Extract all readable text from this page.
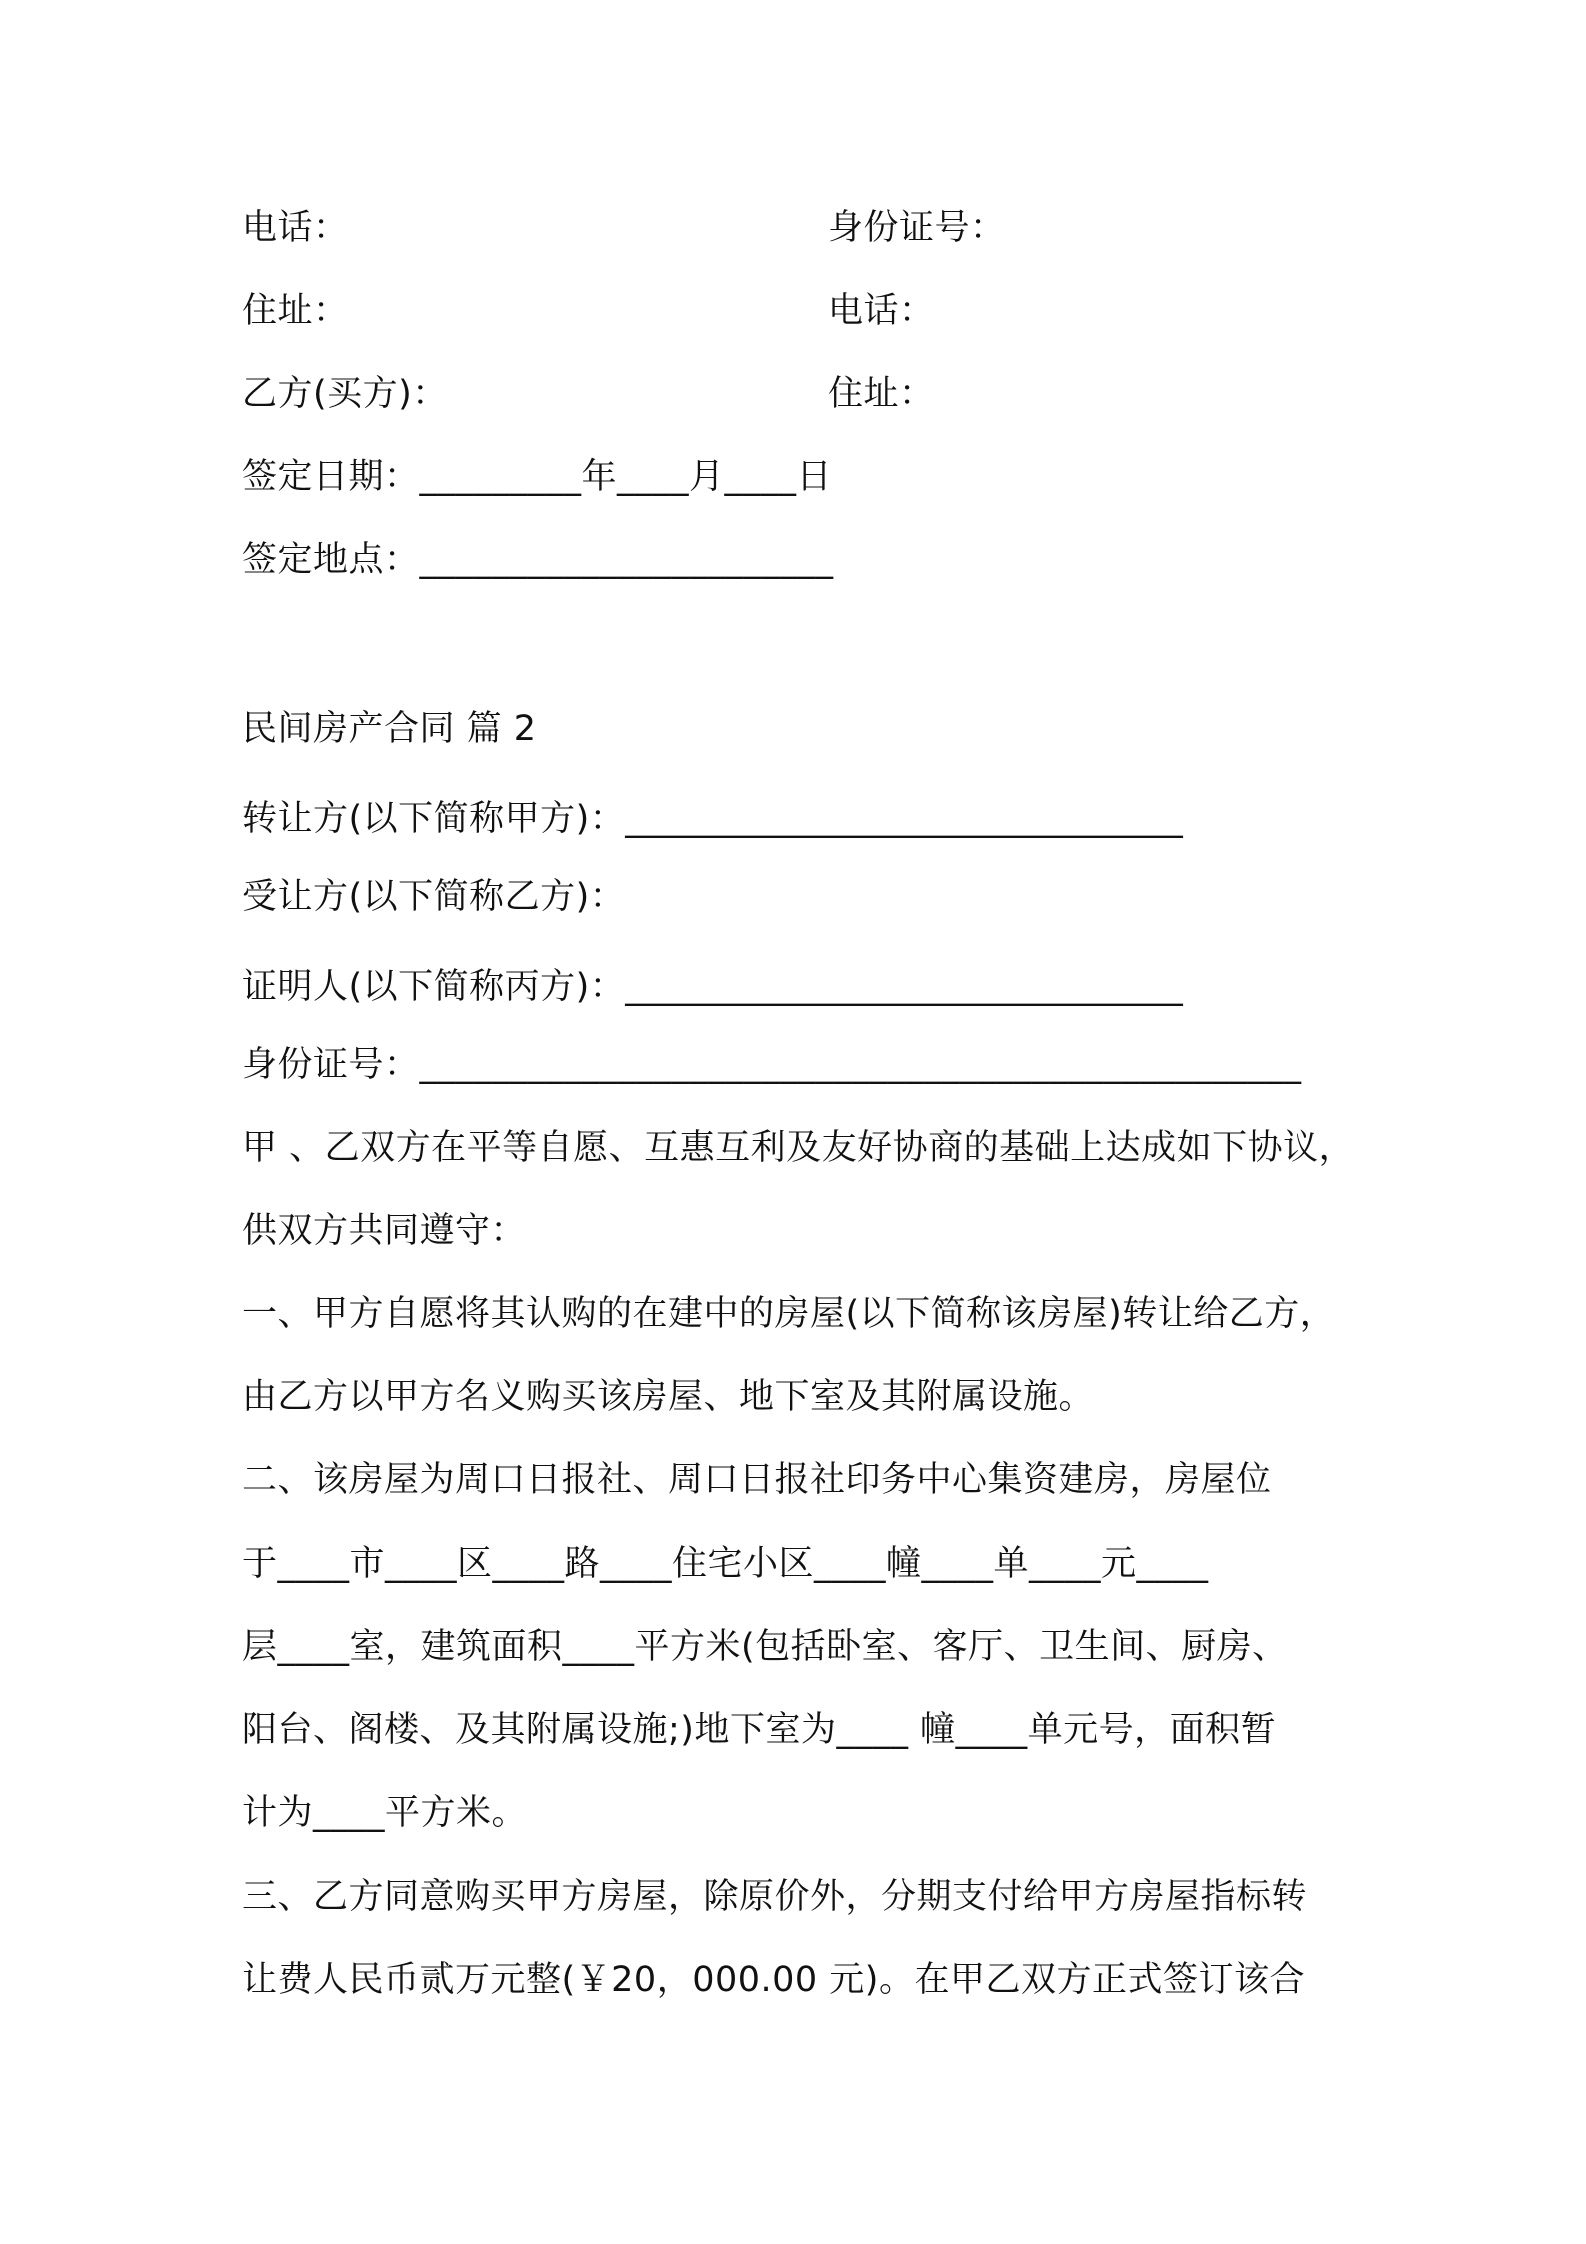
电话：	身份证号：
住址：	电话：
乙方(买方)：	住址：
签定日期：_________年____月____日
签定地点：_______________________
民间房产合同 篇 2
转让方(以下简称甲方)：_______________________________
受让方(以下简称乙方)：
证明人(以下简称丙方)：_______________________________
身份证号：_________________________________________________
甲 、乙双方在平等自愿、互惠互利及友好协商的基础上达成如下协议，
供双方共同遵守：
一、甲方自愿将其认购的在建中的房屋(以下简称该房屋)转让给乙方，
由乙方以甲方名义购买该房屋、地下室及其附属设施。
二、该房屋为周口日报社、周口日报社印务中心集资建房，房屋位
于____市____区____路____住宅小区____幢____单____元____
层____室，建筑面积____平方米(包括卧室、客厅、卫生间、厨房、
阳台、阁楼、及其附属设施;)地下室为____ 幢____单元号，面积暂
计为____平方米。
三、乙方同意购买甲方房屋，除原价外，分期支付给甲方房屋指标转
让费人民币贰万元整(￥20，000.00 元)。在甲乙双方正式签订该合
